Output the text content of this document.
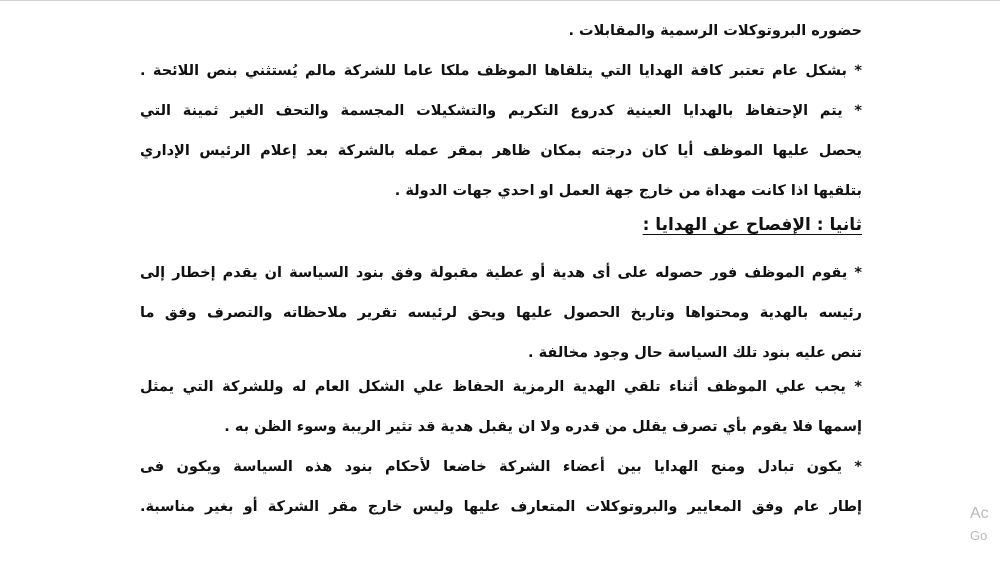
حضوره البروتوكلات الرسمية والمقابلات .
* بشكل عام تعتبر كافة الهدايا التي يتلقاها الموظف ملكا عاما للشركة مالم يُستثني بنص اللائحة .
* يتم الإحتفاظ بالهدايا العينية كدروع التكريم والتشكيلات المجسمة والتحف الغير ثمينة التي
يحصل عليها الموظف أيا كان درجته بمكان ظاهر بمقر عمله بالشركة بعد إعلام الرئيس الإداري
بتلقيها اذا كانت مهداة من خارج جهة العمل او احدي جهات الدولة .
ثانيا : الإفصاح عن الهدايا :
* يقوم الموظف فور حصوله على أى هدية أو عطية مقبولة وفق بنود السياسة ان يقدم إخطار إلى
رئيسه بالهدية ومحتواها وتاريخ الحصول عليها ويحق لرئيسه تقرير ملاحظاته والتصرف وفق ما
تنص عليه بنود تلك السياسة حال وجود مخالفة .
* يجب علي الموظف أثناء تلقي الهدية الرمزية الحفاظ علي الشكل العام له وللشركة التي يمثل
إسمها فلا يقوم بأي تصرف يقلل من قدره ولا ان يقبل هدية قد تثير الريبة وسوء الظن به .
* يكون تبادل ومنح الهدايا بين أعضاء الشركة خاضعا لأحكام بنود هذه السياسة ويكون فى
إطار عام وفق المعايير والبروتوكلات المتعارف عليها وليس خارج مقر الشركة أو بغير مناسبة.	Ac
Go
